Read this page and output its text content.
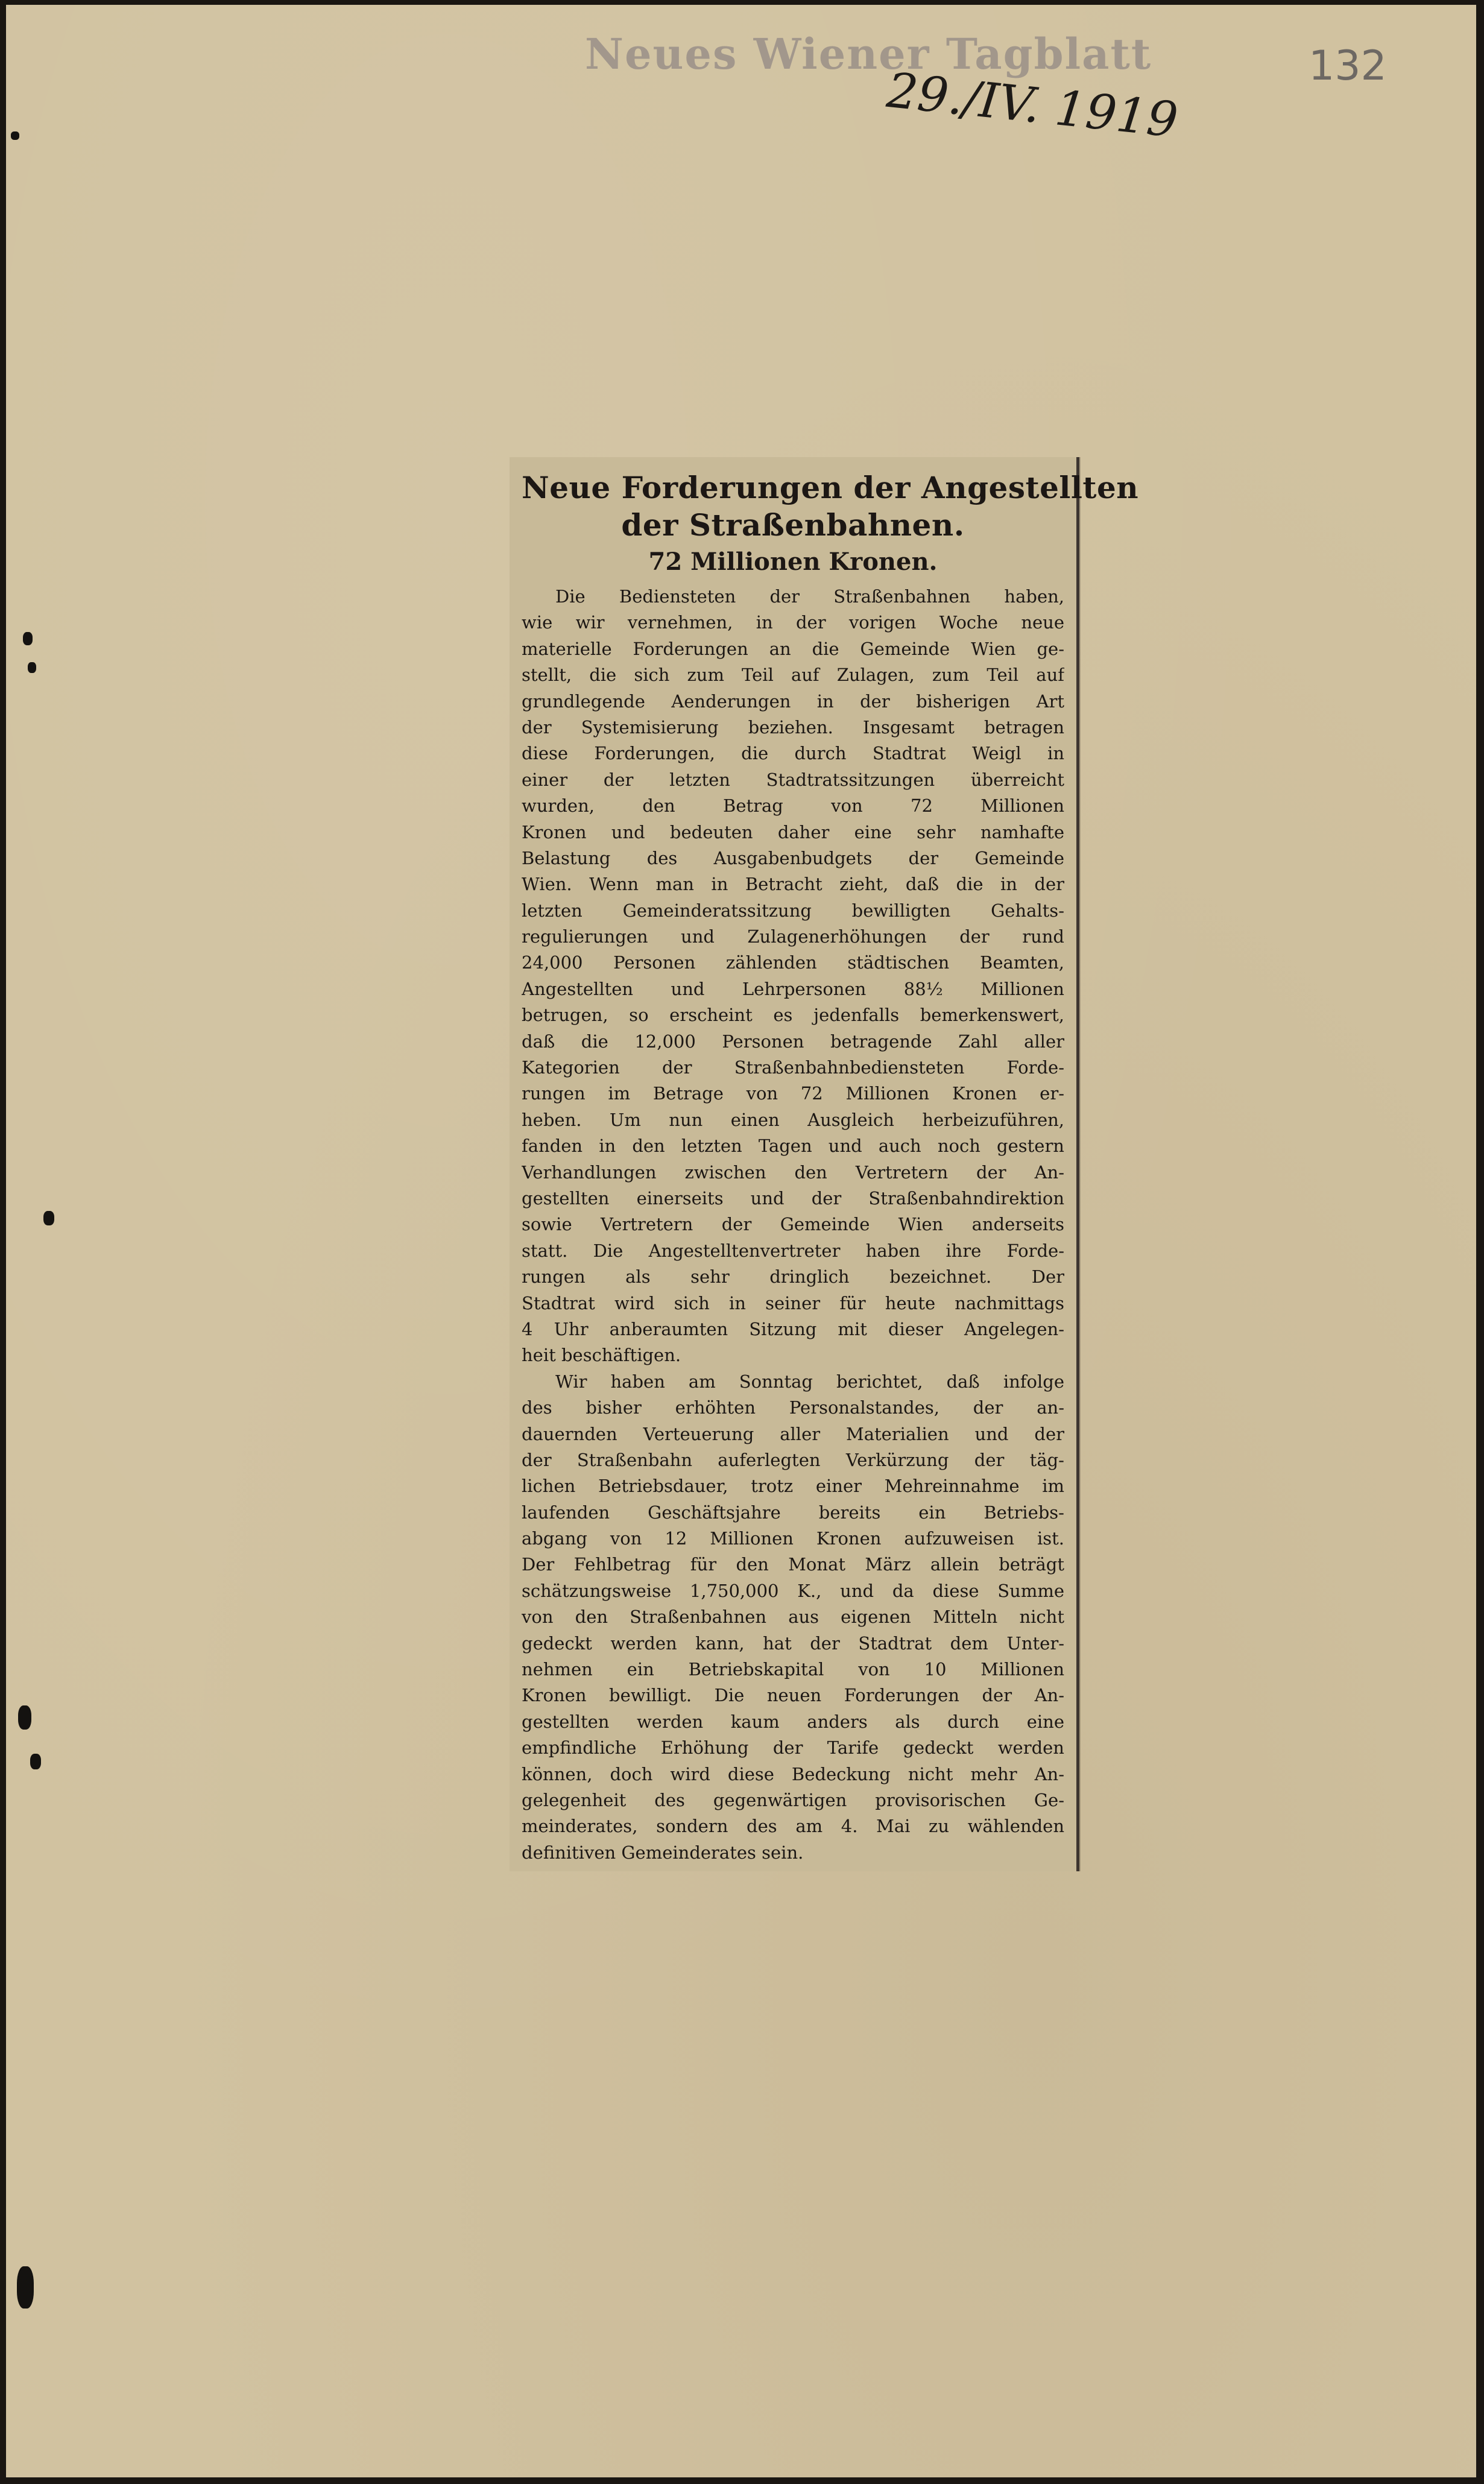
Neues Wiener Tagblatt
29./IV. 1919	132
Neue Forderungen der Angestellten
der Straßenbahnen.
72 Millionen Kronen.
Die Bediensteten der Straßenbahnen haben,
wie wir vernehmen, in der vorigen Woche neue
materielle Forderungen an die Gemeinde Wien ge-
stellt, die sich zum Teil auf Zulagen, zum Teil auf
grundlegende Aenderungen in der bisherigen Art
der Systemisierung beziehen. Insgesamt betragen
diese Forderungen, die durch Stadtrat Weigl in
einer der letzten Stadtratssitzungen überreicht
wurden, den Betrag von 72 Millionen
Kronen und bedeuten daher eine sehr namhafte
Belastung des Ausgabenbudgets der Gemeinde
Wien. Wenn man in Betracht zieht, daß die in der
letzten Gemeinderatssitzung bewilligten Gehalts-
regulierungen und Zulagenerhöhungen der rund
24,000 Personen zählenden städtischen Beamten,
Angestellten und Lehrpersonen 88½ Millionen
betrugen, so erscheint es jedenfalls bemerkenswert,
daß die 12,000 Personen betragende Zahl aller
Kategorien der Straßenbahnbediensteten Forde-
rungen im Betrage von 72 Millionen Kronen er-
heben. Um nun einen Ausgleich herbeizuführen,
fanden in den letzten Tagen und auch noch gestern
Verhandlungen zwischen den Vertretern der An-
gestellten einerseits und der Straßenbahndirektion
sowie Vertretern der Gemeinde Wien anderseits
statt. Die Angestelltenvertreter haben ihre Forde-
rungen als sehr dringlich bezeichnet. Der
Stadtrat wird sich in seiner für heute nachmittags
4 Uhr anberaumten Sitzung mit dieser Angelegen-
heit beschäftigen.
Wir haben am Sonntag berichtet, daß infolge
des bisher erhöhten Personalstandes, der an-
dauernden Verteuerung aller Materialien und der
der Straßenbahn auferlegten Verkürzung der täg-
lichen Betriebsdauer, trotz einer Mehreinnahme im
laufenden Geschäftsjahre bereits ein Betriebs-
abgang von 12 Millionen Kronen aufzuweisen ist.
Der Fehlbetrag für den Monat März allein beträgt
schätzungsweise 1,750,000 K., und da diese Summe
von den Straßenbahnen aus eigenen Mitteln nicht
gedeckt werden kann, hat der Stadtrat dem Unter-
nehmen ein Betriebskapital von 10 Millionen
Kronen bewilligt. Die neuen Forderungen der An-
gestellten werden kaum anders als durch eine
empfindliche Erhöhung der Tarife gedeckt werden
können, doch wird diese Bedeckung nicht mehr An-
gelegenheit des gegenwärtigen provisorischen Ge-
meinderates, sondern des am 4. Mai zu wählenden
definitiven Gemeinderates sein.
